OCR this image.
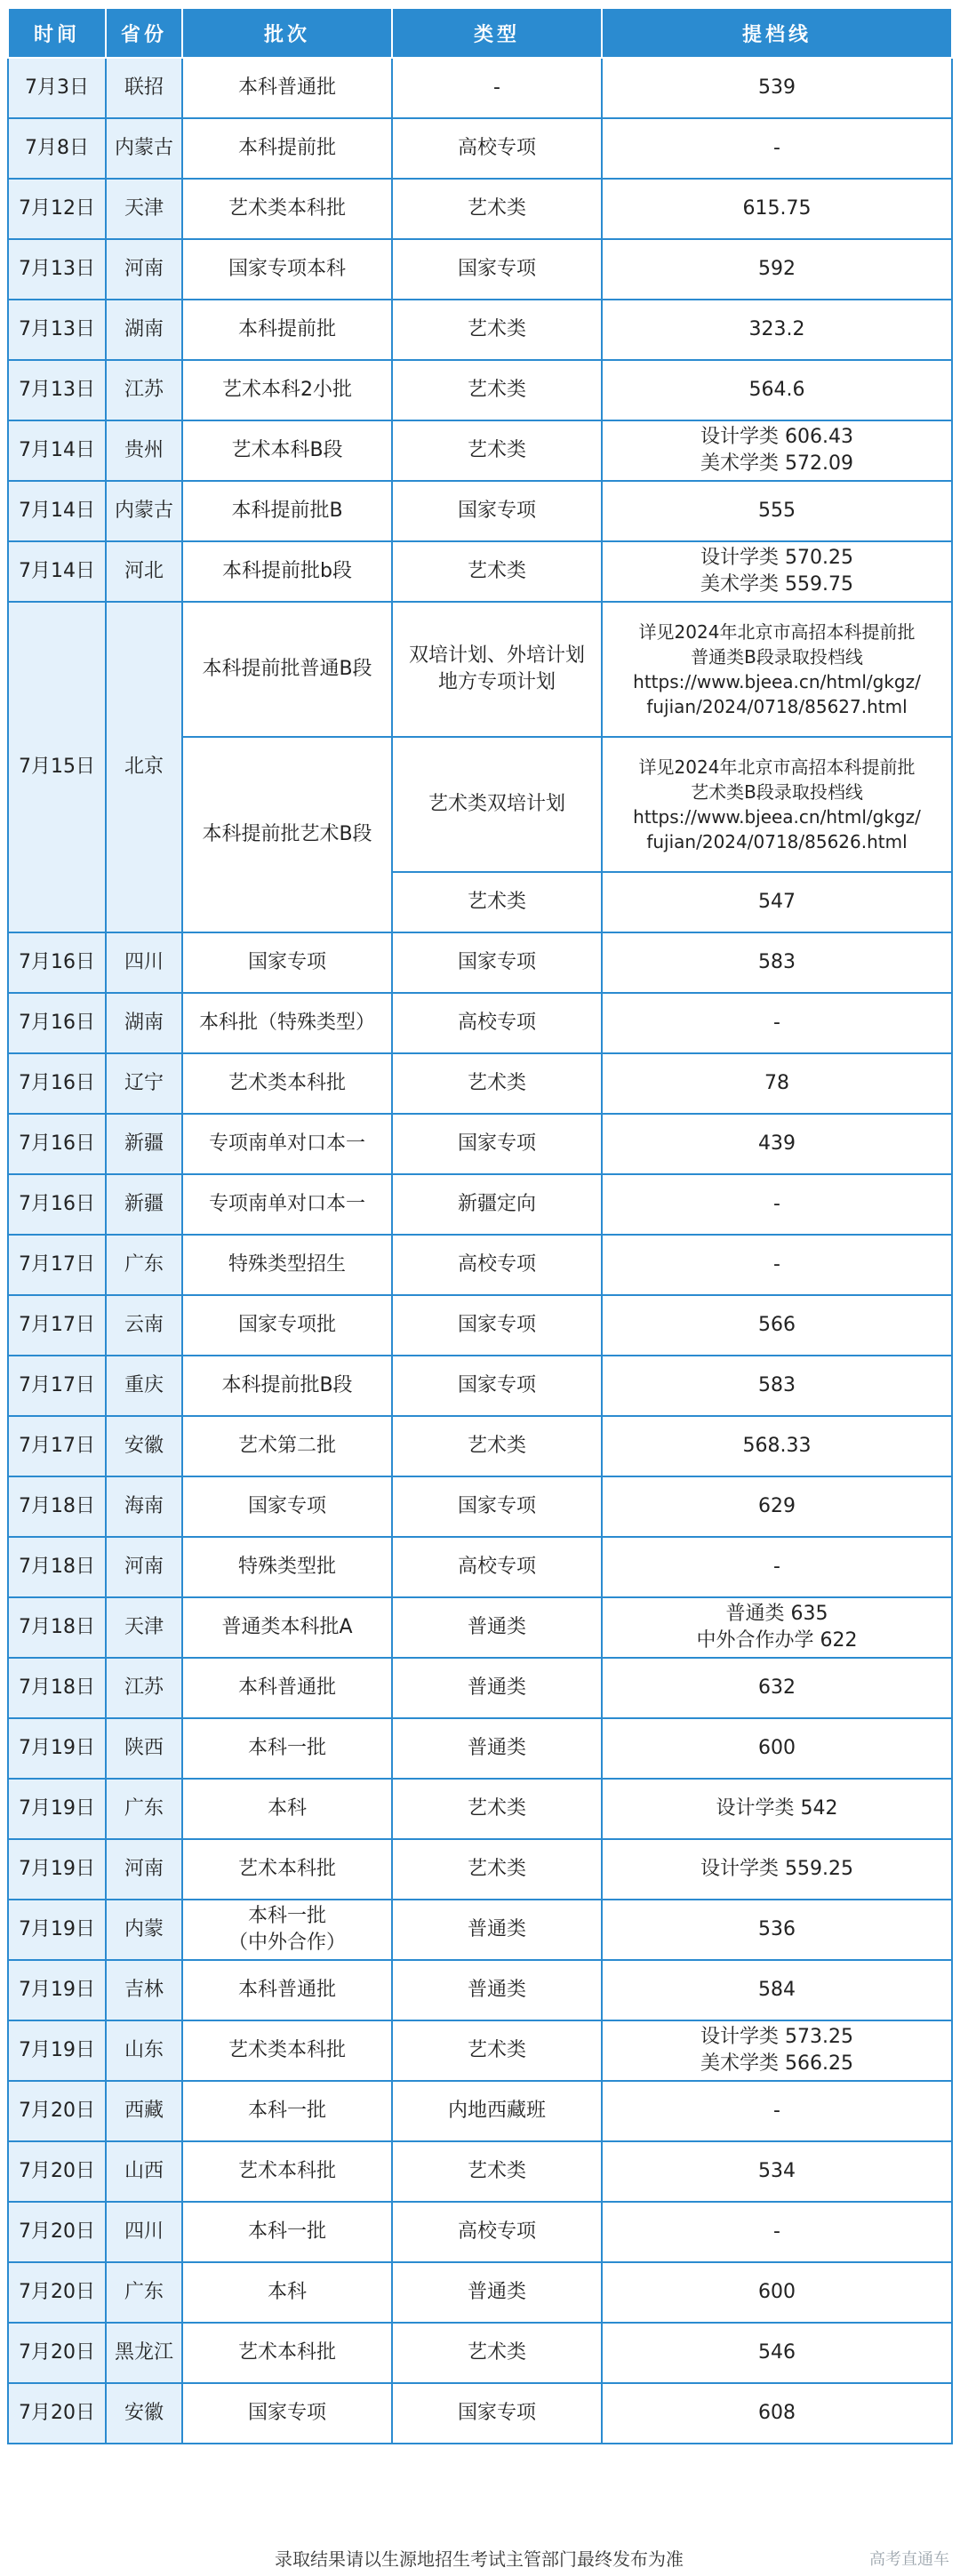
时间	省份	批次	类型	提档线
7月3日	联招	本科普通批	-	539
7月8日	内蒙古	本科提前批	高校专项	-
7月12日	天津	艺术类本科批	艺术类	615.75
7月13日	河南	国家专项本科	国家专项	592
7月13日	湖南	本科提前批	艺术类	323.2
7月13日	江苏	艺术本科2小批	艺术类	564.6
7月14日	贵州	艺术本科B段	艺术类	设计学类 606.43
美术学类 572.09

7月14日	内蒙古	本科提前批B	国家专项	555
7月14日	河北	本科提前批b段	艺术类	设计学类 570.25
美术学类 559.75

7月15日	北京	本科提前批普通B段	双培计划、外培计划
地方专项计划	详见2024年北京市高招本科提前批
普通类B段录取投档线
https://www.bjeea.cn/html/gkgz/
fujian/2024/0718/85627.html

		本科提前批艺术B段	艺术类双培计划	详见2024年北京市高招本科提前批
艺术类B段录取投档线
https://www.bjeea.cn/html/gkgz/
fujian/2024/0718/85626.html

			艺术类	547
7月16日	四川	国家专项	国家专项	583
7月16日	湖南	本科批（特殊类型）	高校专项	-
7月16日	辽宁	艺术类本科批	艺术类	78
7月16日	新疆	专项南单对口本一	国家专项	439
7月16日	新疆	专项南单对口本一	新疆定向	-
7月17日	广东	特殊类型招生	高校专项	-
7月17日	云南	国家专项批	国家专项	566
7月17日	重庆	本科提前批B段	国家专项	583
7月17日	安徽	艺术第二批	艺术类	568.33
7月18日	海南	国家专项	国家专项	629
7月18日	河南	特殊类型批	高校专项	-
7月18日	天津	普通类本科批A	普通类	普通类 635
中外合作办学 622

7月18日	江苏	本科普通批	普通类	632
7月19日	陕西	本科一批	普通类	600
7月19日	广东	本科	艺术类	设计学类 542
7月19日	河南	艺术本科批	艺术类	设计学类 559.25
7月19日	内蒙	本科一批
（中外合作）	普通类	536
7月19日	吉林	本科普通批	普通类	584
7月19日	山东	艺术类本科批	艺术类	设计学类 573.25
美术学类 566.25

7月20日	西藏	本科一批	内地西藏班	-
7月20日	山西	艺术本科批	艺术类	534
7月20日	四川	本科一批	高校专项	-
7月20日	广东	本科	普通类	600
7月20日	黑龙江	艺术本科批	艺术类	546
7月20日	安徽	国家专项	国家专项	608
录取结果请以生源地招生考试主管部门最终发布为准	高考直通车
